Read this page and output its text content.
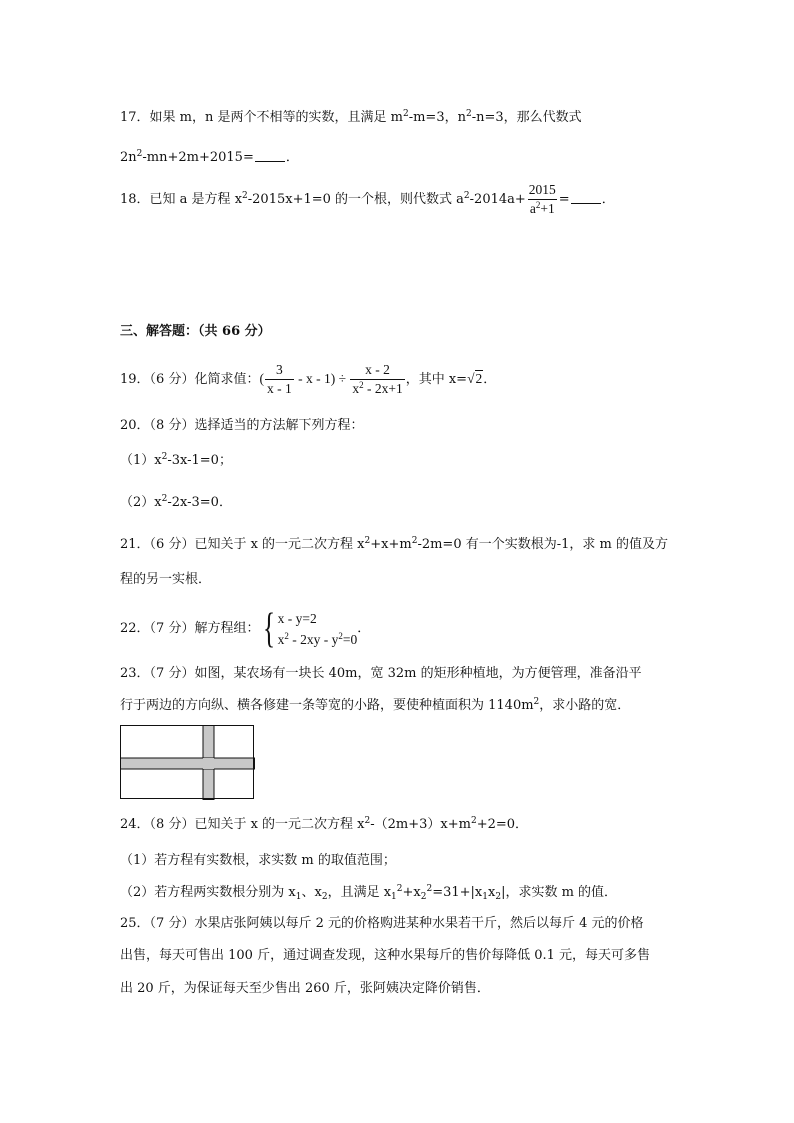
17．如果 m，n 是两个不相等的实数，且满足 $m^2-m=3$，$n^2-n=3$，那么代数式
$2n^2-mn+2m+2015=$ ．
18．已知 a 是方程 $x^2-2015x+1=0$ 的一个根，则代数式 $a^2-2014a+ \frac{2015}{a^2+1}$ = ．
三、解答题：（共 66 分）
19．（6 分）化简求值：( $\frac{3}{x - 1} - x - 1) \div \frac{x - 2}{x^2 - 2x+1}$ ，其中 x=√2．
20．（8 分）选择适当的方法解下列方程：
$(1)x^2-3x-1=0$；
$(2)x^2-2x-3=0$．
21．（6 分）已知关于 x 的一元二次方程 $x^2+x+m^2-2m=0$ 有一个实数根为-1，求 m 的值及方
程的另一实根．
22．（7 分）解方程组： { x - y=2
$x^2 - 2xy - y^2=0$
．
23．（7 分）如图，某农场有一块长 40m，宽 32m 的矩形种植地，为方便管理，准备沿平
行于两边的方向纵、横各修建一条等宽的小路，要使种植面积为 $1140m^2$，求小路的宽．
24．（8 分）已知关于 x 的一元二次方程 $x^2-(2m+3)x+m^2+2=0$．
（1）若方程有实数根，求实数 m 的取值范围；
（2）若方程两实数根分别为 $x_1$、$x_2$，且满足 $x_1^2+x_2^2=31+|x_1x_2|$，求实数 m 的值．
25．（7 分）水果店张阿姨以每斤 2 元的价格购进某种水果若干斤，然后以每斤 4 元的价格
出售，每天可售出 100 斤，通过调查发现，这种水果每斤的售价每降低 0.1 元，每天可多售
出 20 斤，为保证每天至少售出 260 斤，张阿姨决定降价销售．
